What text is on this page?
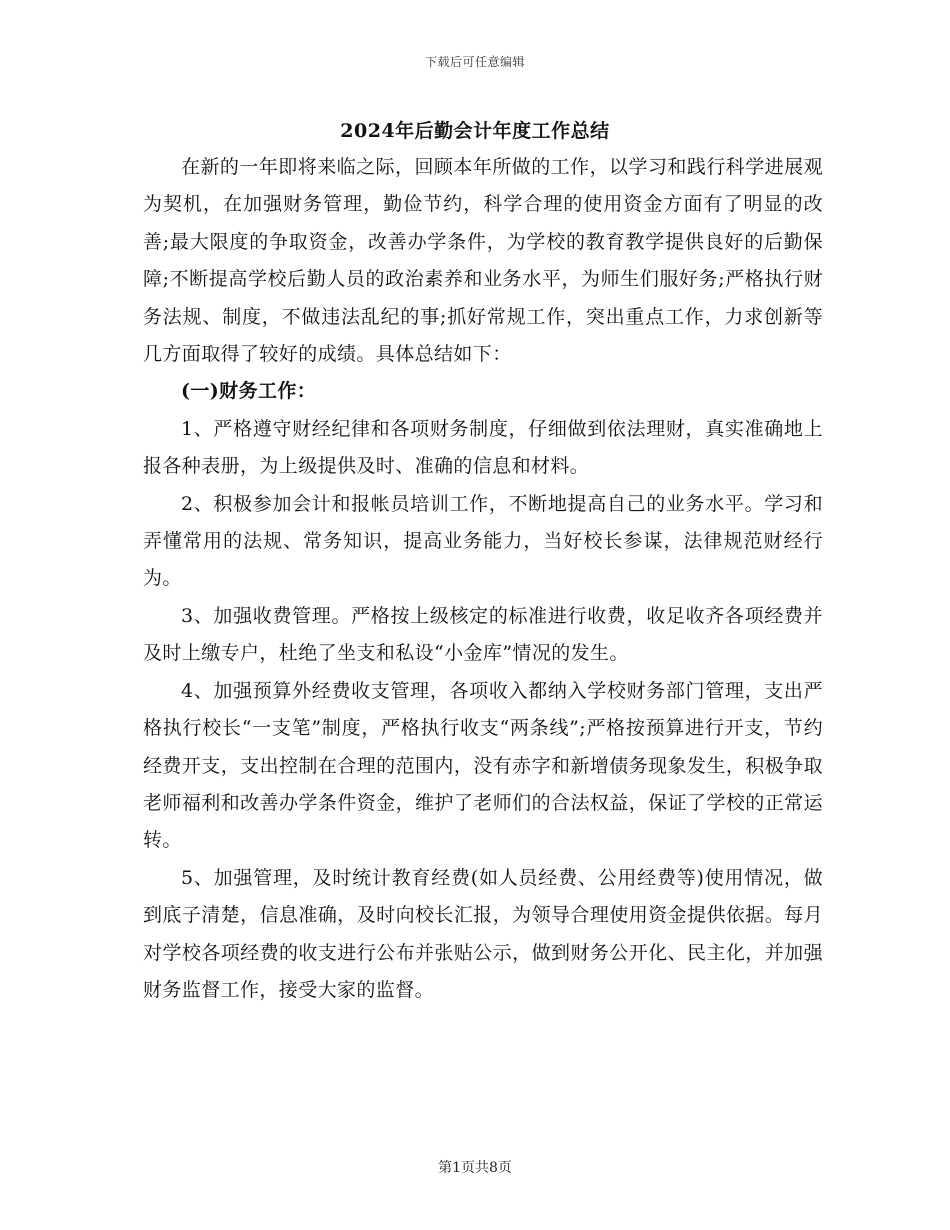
下载后可任意编辑
2024年后勤会计年度工作总结

在新的一年即将来临之际，回顾本年所做的工作，以学习和践行科学进展观为契机，在加强财务管理，勤俭节约，科学合理的使用资金方面有了明显的改善;最大限度的争取资金，改善办学条件，为学校的教育教学提供良好的后勤保障;不断提高学校后勤人员的政治素养和业务水平，为师生们服好务;严格执行财务法规、制度，不做违法乱纪的事;抓好常规工作，突出重点工作，力求创新等几方面取得了较好的成绩。具体总结如下：

(一)财务工作：

1、严格遵守财经纪律和各项财务制度，仔细做到依法理财，真实准确地上报各种表册，为上级提供及时、准确的信息和材料。

2、积极参加会计和报帐员培训工作，不断地提高自己的业务水平。学习和弄懂常用的法规、常务知识，提高业务能力，当好校长参谋，法律规范财经行为。

3、加强收费管理。严格按上级核定的标准进行收费，收足收齐各项经费并及时上缴专户，杜绝了坐支和私设“小金库”情况的发生。

4、加强预算外经费收支管理，各项收入都纳入学校财务部门管理，支出严格执行校长“一支笔”制度，严格执行收支“两条线”;严格按预算进行开支，节约经费开支，支出控制在合理的范围内，没有赤字和新增债务现象发生，积极争取老师福利和改善办学条件资金，维护了老师们的合法权益，保证了学校的正常运转。

5、加强管理，及时统计教育经费(如人员经费、公用经费等)使用情况，做到底子清楚，信息准确，及时向校长汇报，为领导合理使用资金提供依据。每月对学校各项经费的收支进行公布并张贴公示，做到财务公开化、民主化，并加强财务监督工作，接受大家的监督。

第1页共8页
